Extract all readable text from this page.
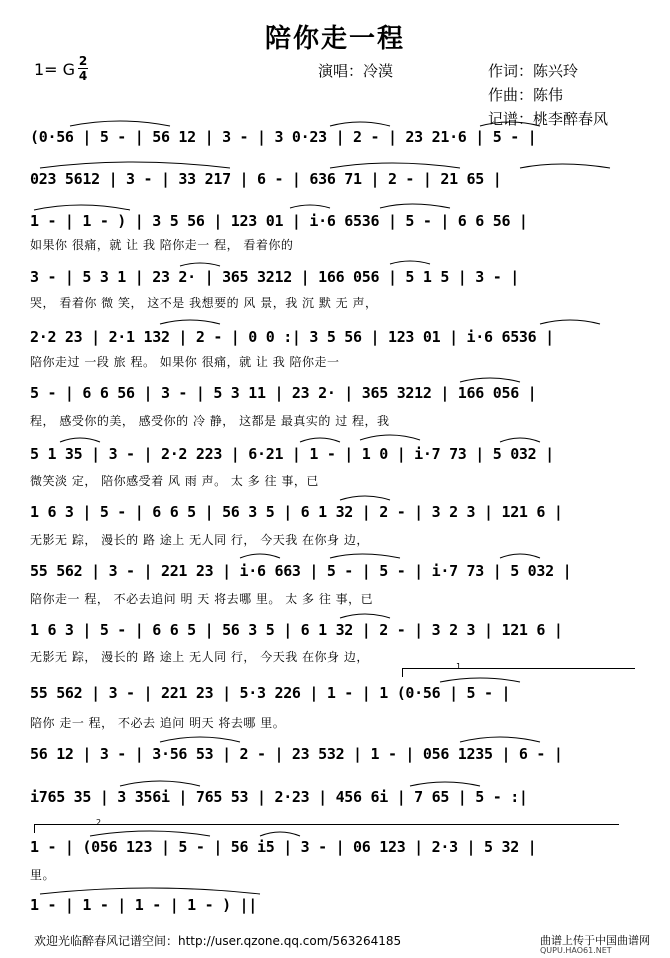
陪你走一程
1= G 2
4	演唱：冷漠	作词：陈兴玲
作曲：陈伟
记谱：桃李醉春风
(0·56 | 5 - | 56 12 | 3 - | 3 0·23 | 2 - | 23 21·6 | 5 - |
023 5612 | 3 - | 33 217 | 6 - | 636 71 | 2 - | 21 65 |
1 - | 1 - ) | 3 5 56 | 123 01 | i·6 6536 | 5 - | 6 6 56 |
如果你 很痛，就 让 我 陪你走一 程， 看着你的
3 - | 5 3 1 | 23 2· | 365 3212 | 166 056 | 5 1 5 | 3 - |
哭， 看着你 微 笑， 这不是 我想要的 风 景，我 沉 默 无 声，
2·2 23 | 2·1 132 | 2 - | 0 0 :| 3 5 56 | 123 01 | i·6 6536 |
陪你走过 一段 旅 程。 如果你 很痛，就 让 我 陪你走一
5 - | 6 6 56 | 3 - | 5 3 11 | 23 2· | 365 3212 | 166 056 |
程， 感受你的美， 感受你的 冷 静， 这都是 最真实的 过 程，我
5 1 35 | 3 - | 2·2 223 | 6·21 | 1 - | 1 0 | i·7 73 | 5 032 |
微笑淡 定， 陪你感受着 风 雨 声。 太 多 往 事，已
1 6 3 | 5 - | 6 6 5 | 56 3 5 | 6 1 32 | 2 - | 3 2 3 | 121 6 |
无影无 踪， 漫长的 路 途上 无人同 行， 今天我 在你身 边，
55 562 | 3 - | 221 23 | i·6 663 | 5 - | 5 - | i·7 73 | 5 032 |
陪你走一 程， 不必去追问 明 天 将去哪 里。 太 多 往 事，已
1 6 3 | 5 - | 6 6 5 | 56 3 5 | 6 1 32 | 2 - | 3 2 3 | 121 6 |
无影无 踪， 漫长的 路 途上 无人同 行， 今天我 在你身 边，
1
55 562 | 3 - | 221 23 | 5·3 226 | 1 - | 1 (0·56 | 5 - |
陪你 走一 程， 不必去 追问 明天 将去哪 里。
56 12 | 3 - | 3·56 53 | 2 - | 23 532 | 1 - | 056 1235 | 6 - |
i765 35 | 3 356i | 765 53 | 2·23 | 456 6i | 7 65 | 5 - :|
2
1 - | (056 123 | 5 - | 56 i5 | 3 - | 06 123 | 2·3 | 5 32 |
里。
1 - | 1 - | 1 - | 1 - ) ||
欢迎光临醉春风记谱空间：http://user.qzone.qq.com/563264185	曲谱上传于中国曲谱网
QUPU.HAO61.NET
